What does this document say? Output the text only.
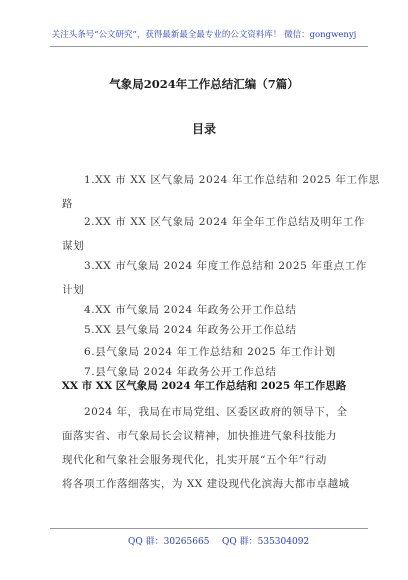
关注头条号“公文研究”，获得最新最全最专业的公文资料库！ 微信：gongwenyj
气象局2024年工作总结汇编（7篇）
目录
1.XX 市 XX 区气象局 2024 年工作总结和 2025 年工作思
路
2.XX 市 XX 区气象局 2024 年全年工作总结及明年工作
谋划
3.XX 市气象局 2024 年度工作总结和 2025 年重点工作
计划
4.XX 市气象局 2024 年政务公开工作总结
5.XX 县气象局 2024 年政务公开工作总结
6.县气象局 2024 年工作总结和 2025 年工作计划
7.县气象局 2024 年政务公开工作总结
XX 市 XX 区气象局 2024 年工作总结和 2025 年工作思路
2024 年，我局在市局党组、区委区政府的领导下，全
面落实省、市气象局长会议精神，加快推进气象科技能力
现代化和气象社会服务现代化，扎实开展“五个年”行动
将各项工作落细落实，为 XX 建设现代化滨海大都市卓越城
QQ 群：30265665 QQ 群：535304092
